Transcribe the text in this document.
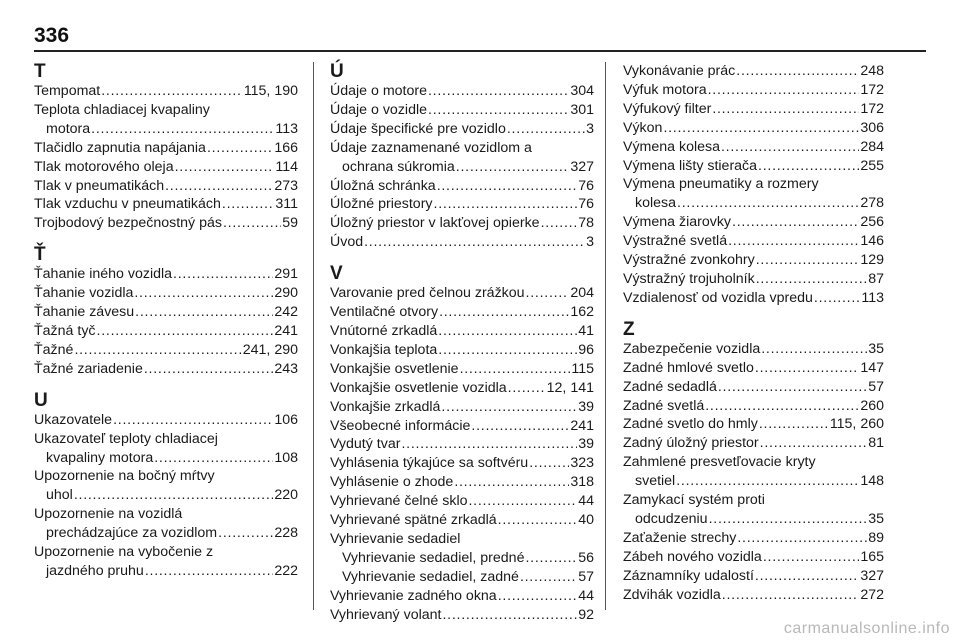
336
T
Tempomat . . .	115, 190
Teplota chladiacej kvapaliny
motora . . .	113
Tlačidlo zapnutia napájania . . .	166
Tlak motorového oleja . . .	114
Tlak v pneumatikách . . .	273
Tlak vzduchu v pneumatikách . . .	311
Trojbodový bezpečnostný pás . . .	59
Ť
Ťahanie iného vozidla . . .	291
Ťahanie vozidla . . .	290
Ťahanie závesu . . .	242
Ťažná tyč . . .	241
Ťažné . . .	241, 290
Ťažné zariadenie . . .	243
U
Ukazovatele . . .	106
Ukazovateľ teploty chladiacej
kvapaliny motora . . .	108
Upozornenie na bočný mŕtvy
uhol . . .	220
Upozornenie na vozidlá
prechádzajúce za vozidlom . . .	228
Upozornenie na vybočenie z
jazdného pruhu . . .	222
Ú
Údaje o motore . . .	304
Údaje o vozidle . . .	301
Údaje špecifické pre vozidlo . . .	3
Údaje zaznamenané vozidlom a
ochrana súkromia . . .	327
Úložná schránka . . .	76
Úložné priestory . . .	76
Úložný priestor v lakťovej opierke . . .	78
Úvod . . .	3
V
Varovanie pred čelnou zrážkou . . .	204
Ventilačné otvory . . .	162
Vnútorné zrkadlá . . .	41
Vonkajšia teplota . . .	96
Vonkajšie osvetlenie . . .	115
Vonkajšie osvetlenie vozidla . . .	12, 141
Vonkajšie zrkadlá . . .	39
Všeobecné informácie . . .	241
Vydutý tvar . . .	39
Vyhlásenia týkajúce sa softvéru . . .	323
Vyhlásenie o zhode . . .	318
Vyhrievané čelné sklo . . .	44
Vyhrievané spätné zrkadlá . . .	40
Vyhrievanie sedadiel
Vyhrievanie sedadiel, predné . . .	56
Vyhrievanie sedadiel, zadné . . .	57
Vyhrievanie zadného okna . . .	44
Vyhrievaný volant . . .	92
Vykonávanie prác . . .	248
Výfuk motora . . .	172
Výfukový filter . . .	172
Výkon . . .	306
Výmena kolesa . . .	284
Výmena lišty stierača . . .	255
Výmena pneumatiky a rozmery
kolesa . . .	278
Výmena žiarovky . . .	256
Výstražné svetlá . . .	146
Výstražné zvonkohry . . .	129
Výstražný trojuholník . . .	87
Vzdialenosť od vozidla vpredu . . .	113
Z
Zabezpečenie vozidla . . .	35
Zadné hmlové svetlo . . .	147
Zadné sedadlá . . .	57
Zadné svetlá . . .	260
Zadné svetlo do hmly . . .	115, 260
Zadný úložný priestor . . .	81
Zahmlené presvetľovacie kryty
svetiel . . .	148
Zamykací systém proti
odcudzeniu . . .	35
Zaťaženie strechy . . .	89
Zábeh nového vozidla . . .	165
Záznamníky udalostí . . .	327
Zdvihák vozidla . . .	272
carmanualsonline.info
